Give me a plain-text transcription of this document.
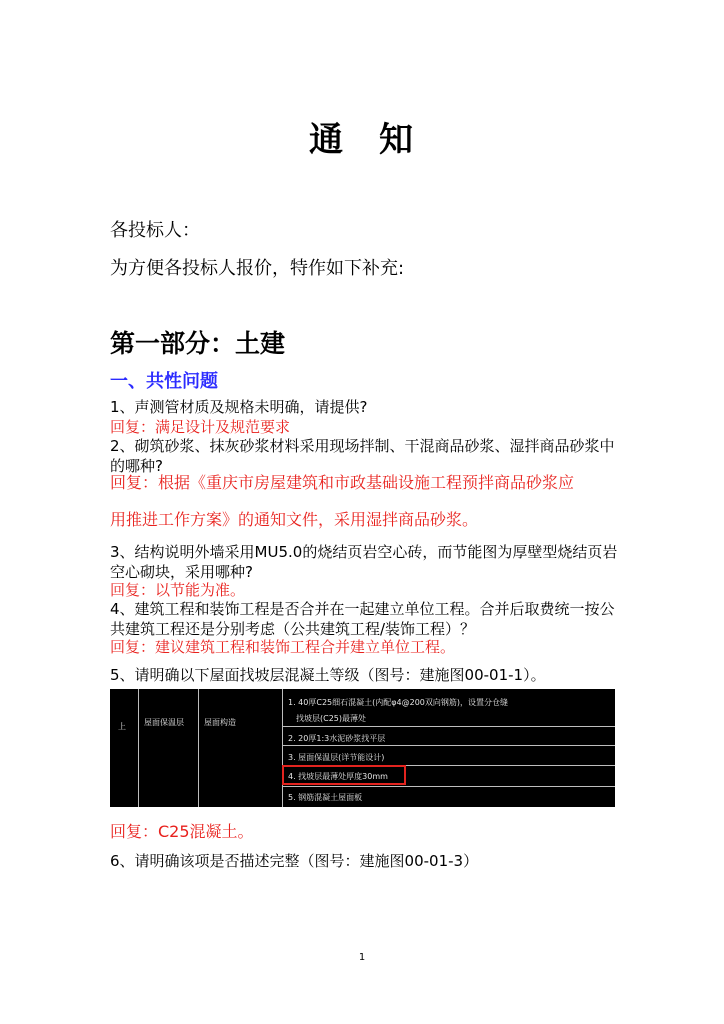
通 知
各投标人：
为方便各投标人报价，特作如下补充:
第一部分：土建
一、共性问题
1、声测管材质及规格未明确，请提供?
回复：满足设计及规范要求
2、砌筑砂浆、抹灰砂浆材料采用现场拌制、干混商品砂浆、湿拌商品砂浆中的哪种?
回复：根据《重庆市房屋建筑和市政基础设施工程预拌商品砂浆应
用推进工作方案》的通知文件，采用湿拌商品砂浆。
3、结构说明外墙采用MU5.0的烧结页岩空心砖，而节能图为厚壁型烧结页岩空心砌块，采用哪种?
回复：以节能为准。
4、建筑工程和装饰工程是否合并在一起建立单位工程。合并后取费统一按公共建筑工程还是分别考虑（公共建筑工程/装饰工程）？
回复：建议建筑工程和装饰工程合并建立单位工程。
5、请明确以下屋面找坡层混凝土等级（图号：建施图00-01-1）。
上 屋面保温层	屋面构造
1. 40厚C25细石混凝土(内配φ4@200双向钢筋)，设置分仓缝
找坡层(C25)最薄处
2. 20厚1:3水泥砂浆找平层
3. 屋面保温层(详节能设计)
4. 找坡层最薄处厚度30mm
5. 钢筋混凝土屋面板
回复：C25混凝土。
6、请明确该项是否描述完整（图号：建施图00-01-3）
1
